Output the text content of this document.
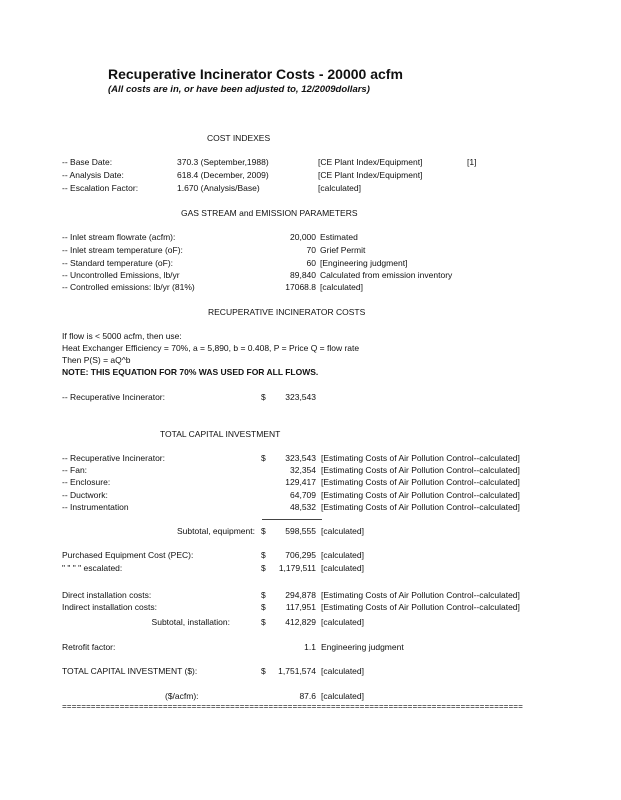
Recuperative Incinerator Costs - 20000 acfm
(All costs are in, or have been adjusted to, 12/2009dollars)
COST INDEXES
-- Base Date:	370.3 (September,1988)	[CE Plant Index/Equipment]	[1]
-- Analysis Date:	618.4 (December, 2009)	[CE Plant Index/Equipment]
-- Escalation Factor:	1.670 (Analysis/Base)	[calculated]
GAS STREAM and EMISSION PARAMETERS
-- Inlet stream flowrate (acfm):	20,000 Estimated
-- Inlet stream temperature (oF):	70 Grief Permit
-- Standard temperature (oF):	60 [Engineering judgment]
-- Uncontrolled Emissions, lb/yr	89,840 Calculated from emission inventory
-- Controlled emissions: lb/yr (81%)	17068.8 [calculated]
RECUPERATIVE INCINERATOR COSTS
If flow is < 5000 acfm, then use:
Heat Exchanger Efficiency = 70%, a = 5,890, b = 0.408, P = Price Q = flow rate
Then P(S) = aQ^b
NOTE: THIS EQUATION FOR 70% WAS USED FOR ALL FLOWS.
-- Recuperative Incinerator:	$	323,543
TOTAL CAPITAL INVESTMENT
-- Recuperative Incinerator:	$	323,543 [Estimating Costs of Air Pollution Control--calculated]
-- Fan:	32,354 [Estimating Costs of Air Pollution Control--calculated]
-- Enclosure:	129,417 [Estimating Costs of Air Pollution Control--calculated]
-- Ductwork:	64,709 [Estimating Costs of Air Pollution Control--calculated]
-- Instrumentation	48,532 [Estimating Costs of Air Pollution Control--calculated]
Subtotal, equipment: $	598,555 [calculated]
Purchased Equipment Cost (PEC):	$	706,295 [calculated]
" " " " escalated:	$	1,179,511 [calculated]
Direct installation costs:	$	294,878 [Estimating Costs of Air Pollution Control--calculated]
Indirect installation costs:	$	117,951 [Estimating Costs of Air Pollution Control--calculated]
Subtotal, installation:	$	412,829 [calculated]
Retrofit factor:	1.1 Engineering judgment
TOTAL CAPITAL INVESTMENT ($):	$	1,751,574 [calculated]
($/acfm):	87.6 [calculated]
================================================================================================
